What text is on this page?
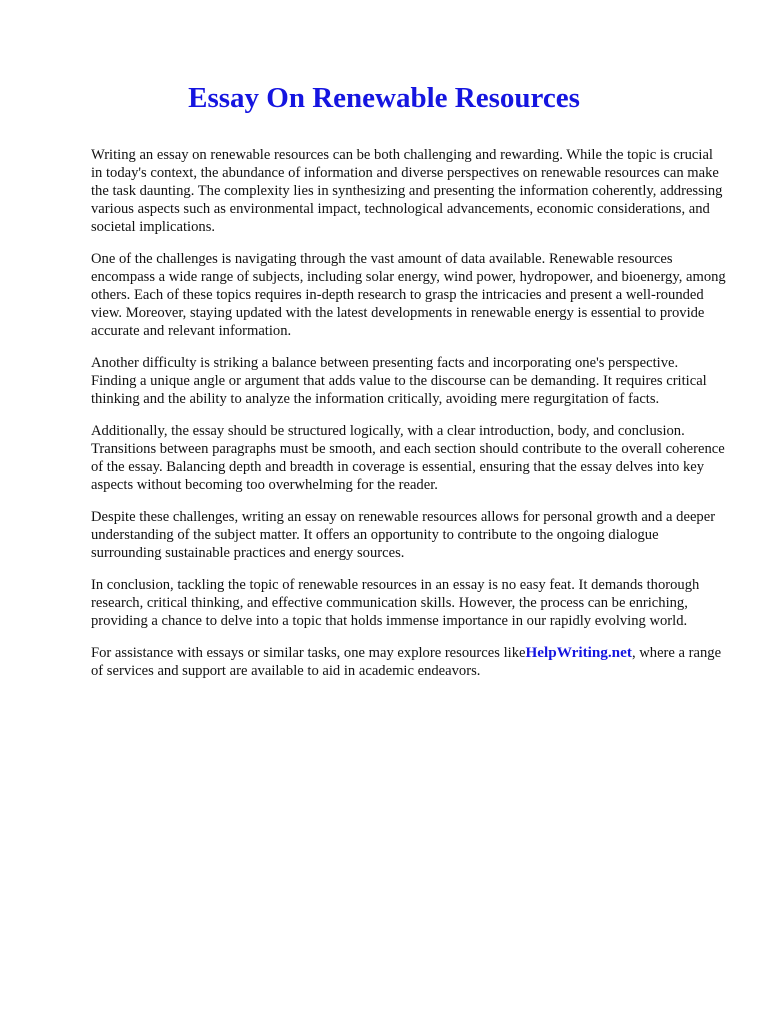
Essay On Renewable Resources

Writing an essay on renewable resources can be both challenging and rewarding. While the topic is crucial in today's context, the abundance of information and diverse perspectives on renewable resources can make the task daunting. The complexity lies in synthesizing and presenting the information coherently, addressing various aspects such as environmental impact, technological advancements, economic considerations, and societal implications.

One of the challenges is navigating through the vast amount of data available. Renewable resources encompass a wide range of subjects, including solar energy, wind power, hydropower, and bioenergy, among others. Each of these topics requires in-depth research to grasp the intricacies and present a well-rounded view. Moreover, staying updated with the latest developments in renewable energy is essential to provide accurate and relevant information.

Another difficulty is striking a balance between presenting facts and incorporating one's perspective. Finding a unique angle or argument that adds value to the discourse can be demanding. It requires critical thinking and the ability to analyze the information critically, avoiding mere regurgitation of facts.

Additionally, the essay should be structured logically, with a clear introduction, body, and conclusion. Transitions between paragraphs must be smooth, and each section should contribute to the overall coherence of the essay. Balancing depth and breadth in coverage is essential, ensuring that the essay delves into key aspects without becoming too overwhelming for the reader.

Despite these challenges, writing an essay on renewable resources allows for personal growth and a deeper understanding of the subject matter. It offers an opportunity to contribute to the ongoing dialogue surrounding sustainable practices and energy sources.

In conclusion, tackling the topic of renewable resources in an essay is no easy feat. It demands thorough research, critical thinking, and effective communication skills. However, the process can be enriching, providing a chance to delve into a topic that holds immense importance in our rapidly evolving world.

For assistance with essays or similar tasks, one may explore resources likeHelpWriting.net, where a range of services and support are available to aid in academic endeavors.
